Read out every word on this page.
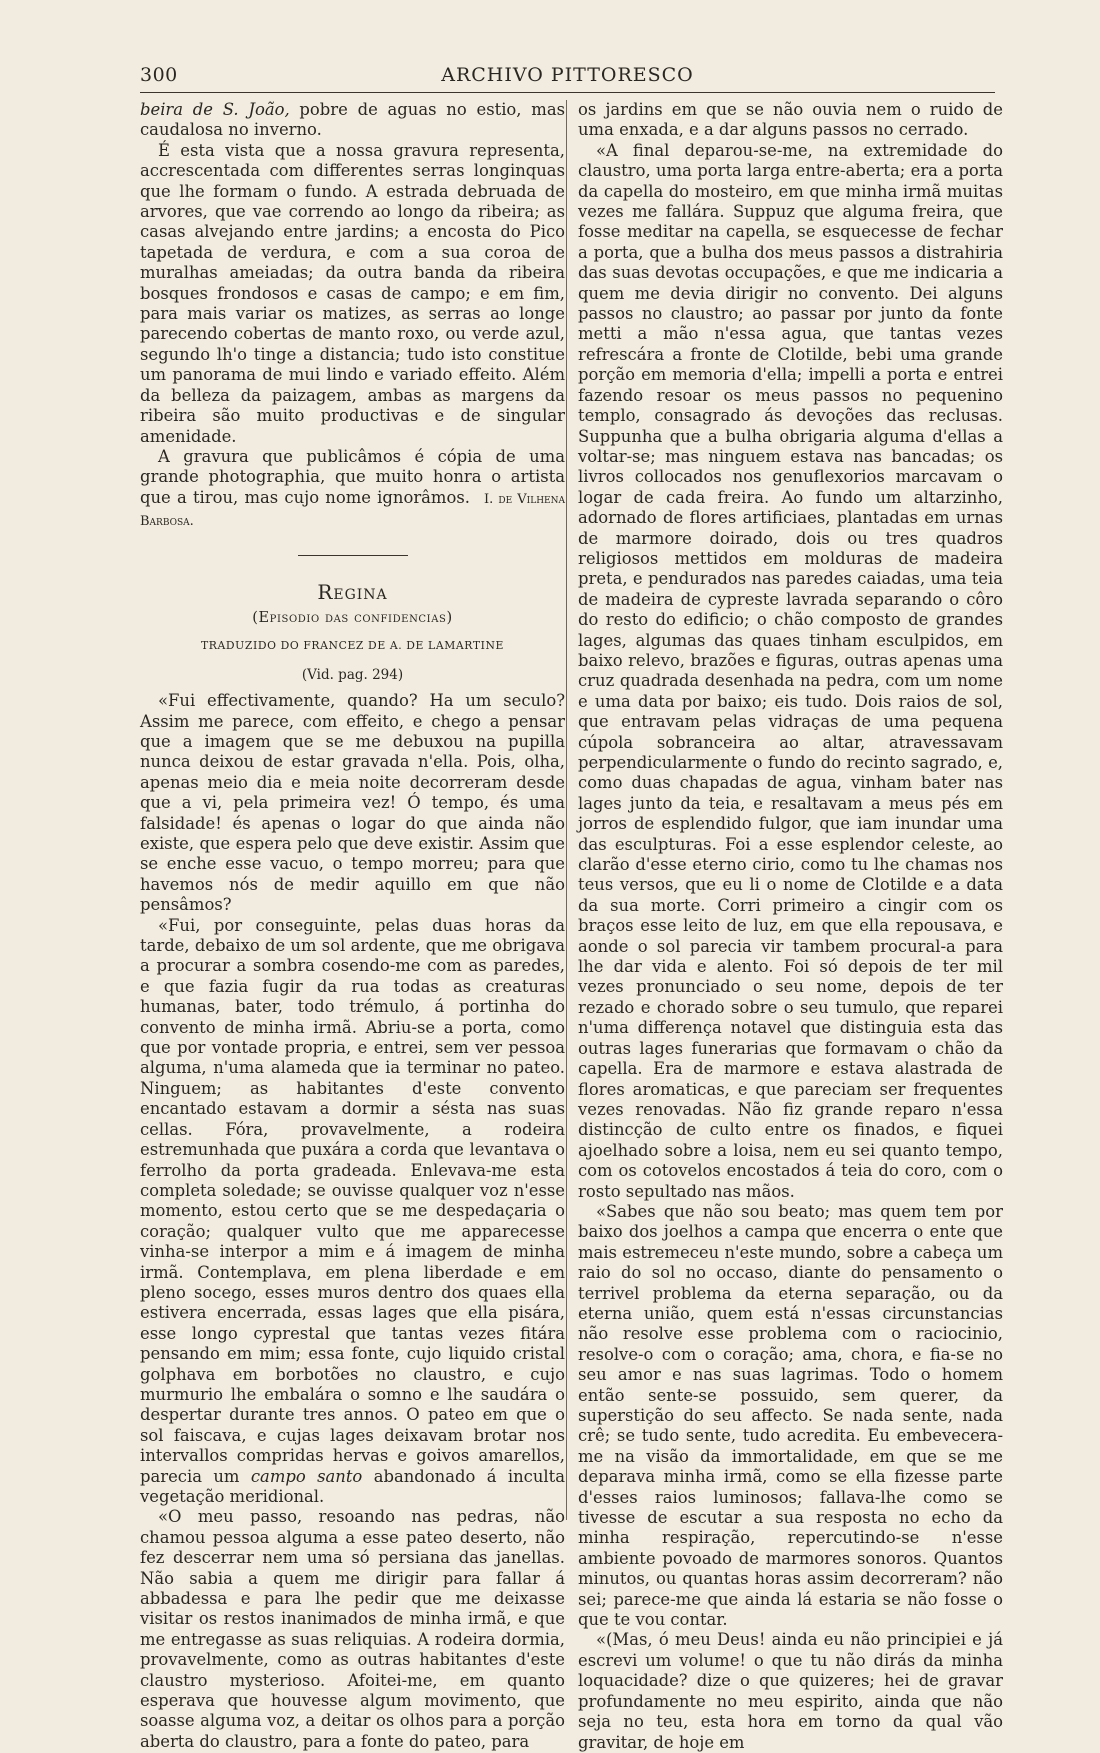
300	ARCHIVO PITTORESCO

beira de S. João, pobre de aguas no estio, mas caudalosa no inverno.

É esta vista que a nossa gravura representa, accrescentada com differentes serras longinquas que lhe formam o fundo. A estrada debruada de arvores, que vae correndo ao longo da ribeira; as casas alvejando entre jardins; a encosta do Pico tapetada de verdura, e com a sua coroa de muralhas ameiadas; da outra banda da ribeira bosques frondosos e casas de campo; e em fim, para mais variar os matizes, as serras ao longe parecendo cobertas de manto roxo, ou verde azul, segundo lh'o tinge a distancia; tudo isto constitue um panorama de mui lindo e variado effeito. Além da belleza da paizagem, ambas as margens da ribeira são muito productivas e de singular amenidade.

A gravura que publicâmos é cópia de uma grande photographia, que muito honra o artista que a tirou, mas cujo nome ignorâmos. I. de Vilhena Barbosa.

Regina
(Episodio das confidencias)
TRADUZIDO DO FRANCEZ DE A. DE LAMARTINE
(Vid. pag. 294)

«Fui effectivamente, quando? Ha um seculo? Assim me parece, com effeito, e chego a pensar que a imagem que se me debuxou na pupilla nunca deixou de estar gravada n'ella. Pois, olha, apenas meio dia e meia noite decorreram desde que a vi, pela primeira vez! Ó tempo, és uma falsidade! és apenas o logar do que ainda não existe, que espera pelo que deve existir. Assim que se enche esse vacuo, o tempo morreu; para que havemos nós de medir aquillo em que não pensâmos?

«Fui, por conseguinte, pelas duas horas da tarde, debaixo de um sol ardente, que me obrigava a procurar a sombra cosendo-me com as paredes, e que fazia fugir da rua todas as creaturas humanas, bater, todo trémulo, á portinha do convento de minha irmã. Abriu-se a porta, como que por vontade propria, e entrei, sem ver pessoa alguma, n'uma alameda que ia terminar no pateo. Ninguem; as habitantes d'este convento encantado estavam a dormir a sésta nas suas cellas. Fóra, provavelmente, a rodeira estremunhada que puxára a corda que levantava o ferrolho da porta gradeada. Enlevava-me esta completa soledade; se ouvisse qualquer voz n'esse momento, estou certo que se me despedaçaria o coração; qualquer vulto que me apparecesse vinha-se interpor a mim e á imagem de minha irmã. Contemplava, em plena liberdade e em pleno socego, esses muros dentro dos quaes ella estivera encerrada, essas lages que ella pisára, esse longo cyprestal que tantas vezes fitára pensando em mim; essa fonte, cujo liquido cristal golphava em borbotões no claustro, e cujo murmurio lhe embalára o somno e lhe saudára o despertar durante tres annos. O pateo em que o sol faiscava, e cujas lages deixavam brotar nos intervallos compridas hervas e goivos amarellos, parecia um campo santo abandonado á inculta vegetação meridional.

«O meu passo, resoando nas pedras, não chamou pessoa alguma a esse pateo deserto, não fez descerrar nem uma só persiana das janellas. Não sabia a quem me dirigir para fallar á abbadessa e para lhe pedir que me deixasse visitar os restos inanimados de minha irmã, e que me entregasse as suas reliquias. A rodeira dormia, provavelmente, como as outras habitantes d'este claustro mysterioso. Afoitei-me, em quanto esperava que houvesse algum movimento, que soasse alguma voz, a deitar os olhos para a porção aberta do claustro, para a fonte do pateo, para

os jardins em que se não ouvia nem o ruido de uma enxada, e a dar alguns passos no cerrado.

«A final deparou-se-me, na extremidade do claustro, uma porta larga entre-aberta; era a porta da capella do mosteiro, em que minha irmã muitas vezes me fallára. Suppuz que alguma freira, que fosse meditar na capella, se esquecesse de fechar a porta, que a bulha dos meus passos a distrahiria das suas devotas occupações, e que me indicaria a quem me devia dirigir no convento. Dei alguns passos no claustro; ao passar por junto da fonte metti a mão n'essa agua, que tantas vezes refrescára a fronte de Clotilde, bebi uma grande porção em memoria d'ella; impelli a porta e entrei fazendo resoar os meus passos no pequenino templo, consagrado ás devoções das reclusas. Suppunha que a bulha obrigaria alguma d'ellas a voltar-se; mas ninguem estava nas bancadas; os livros collocados nos genuflexorios marcavam o logar de cada freira. Ao fundo um altarzinho, adornado de flores artificiaes, plantadas em urnas de marmore doirado, dois ou tres quadros religiosos mettidos em molduras de madeira preta, e pendurados nas paredes caiadas, uma teia de madeira de cypreste lavrada separando o côro do resto do edificio; o chão composto de grandes lages, algumas das quaes tinham esculpidos, em baixo relevo, brazões e figuras, outras apenas uma cruz quadrada desenhada na pedra, com um nome e uma data por baixo; eis tudo. Dois raios de sol, que entravam pelas vidraças de uma pequena cúpola sobranceira ao altar, atravessavam perpendicularmente o fundo do recinto sagrado, e, como duas chapadas de agua, vinham bater nas lages junto da teia, e resaltavam a meus pés em jorros de esplendido fulgor, que iam inundar uma das esculpturas. Foi a esse esplendor celeste, ao clarão d'esse eterno cirio, como tu lhe chamas nos teus versos, que eu li o nome de Clotilde e a data da sua morte. Corri primeiro a cingir com os braços esse leito de luz, em que ella repousava, e aonde o sol parecia vir tambem procural-a para lhe dar vida e alento. Foi só depois de ter mil vezes pronunciado o seu nome, depois de ter rezado e chorado sobre o seu tumulo, que reparei n'uma differença notavel que distinguia esta das outras lages funerarias que formavam o chão da capella. Era de marmore e estava alastrada de flores aromaticas, e que pareciam ser frequentes vezes renovadas. Não fiz grande reparo n'essa distincção de culto entre os finados, e fiquei ajoelhado sobre a loisa, nem eu sei quanto tempo, com os cotovelos encostados á teia do coro, com o rosto sepultado nas mãos.

«Sabes que não sou beato; mas quem tem por baixo dos joelhos a campa que encerra o ente que mais estremeceu n'este mundo, sobre a cabeça um raio do sol no occaso, diante do pensamento o terrivel problema da eterna separação, ou da eterna união, quem está n'essas circunstancias não resolve esse problema com o raciocinio, resolve-o com o coração; ama, chora, e fia-se no seu amor e nas suas lagrimas. Todo o homem então sente-se possuido, sem querer, da superstição do seu affecto. Se nada sente, nada crê; se tudo sente, tudo acredita. Eu embevecera-me na visão da immortalidade, em que se me deparava minha irmã, como se ella fizesse parte d'esses raios luminosos; fallava-lhe como se tivesse de escutar a sua resposta no echo da minha respiração, repercutindo-se n'esse ambiente povoado de marmores sonoros. Quantos minutos, ou quantas horas assim decorreram? não sei; parece-me que ainda lá estaria se não fosse o que te vou contar.

«(Mas, ó meu Deus! ainda eu não principiei e já escrevi um volume! o que tu não dirás da minha loquacidade? dize o que quizeres; hei de gravar profundamente no meu espirito, ainda que não seja no teu, esta hora em torno da qual vão gravitar, de hoje em
